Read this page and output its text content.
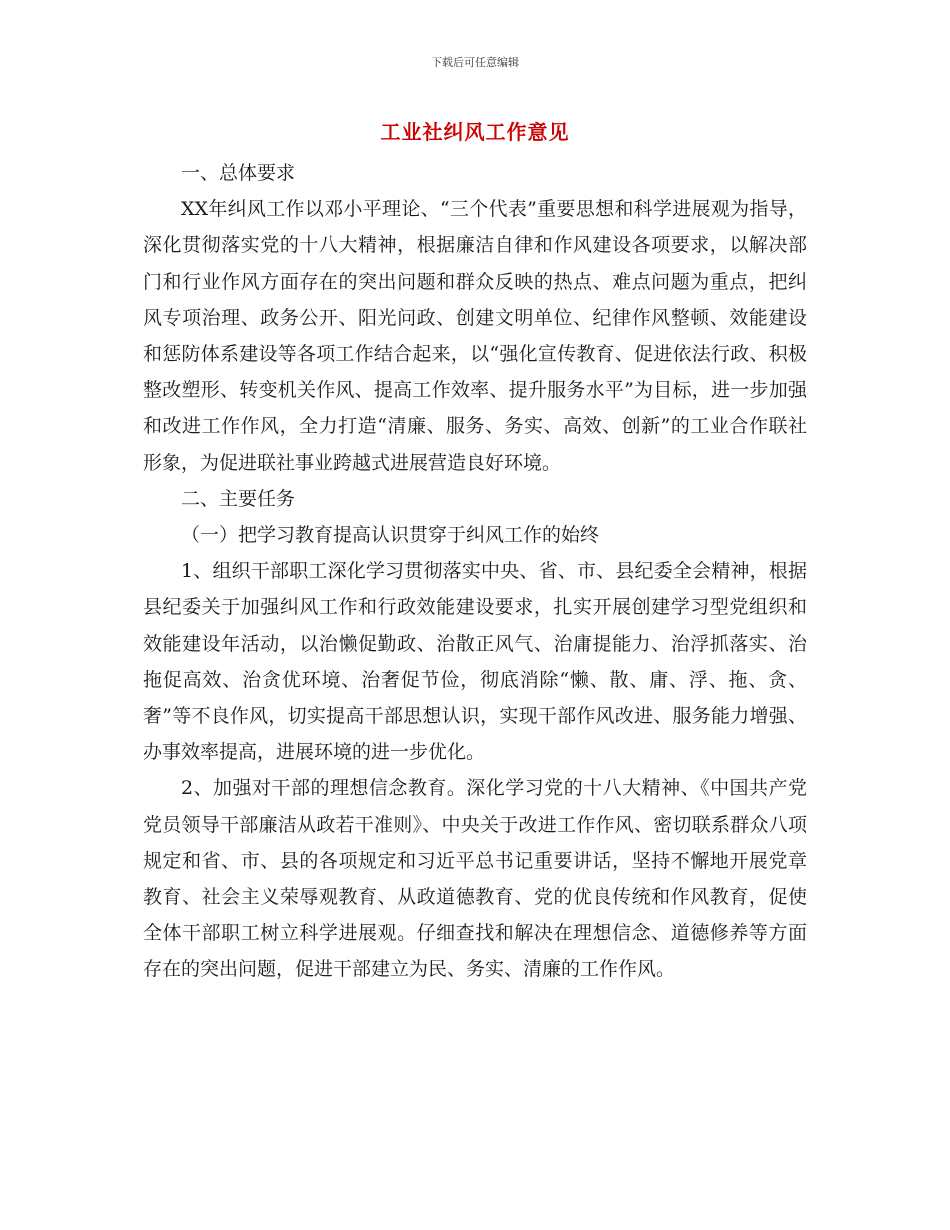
下载后可任意编辑
工业社纠风工作意见

一、总体要求

XX年纠风工作以邓小平理论、“三个代表”重要思想和科学进展观为指导，深化贯彻落实党的十八大精神，根据廉洁自律和作风建设各项要求，以解决部门和行业作风方面存在的突出问题和群众反映的热点、难点问题为重点，把纠风专项治理、政务公开、阳光问政、创建文明单位、纪律作风整顿、效能建设和惩防体系建设等各项工作结合起来，以“强化宣传教育、促进依法行政、积极整改塑形、转变机关作风、提高工作效率、提升服务水平”为目标，进一步加强和改进工作作风，全力打造“清廉、服务、务实、高效、创新”的工业合作联社形象，为促进联社事业跨越式进展营造良好环境。

二、主要任务

（一）把学习教育提高认识贯穿于纠风工作的始终

1、组织干部职工深化学习贯彻落实中央、省、市、县纪委全会精神，根据县纪委关于加强纠风工作和行政效能建设要求，扎实开展创建学习型党组织和效能建设年活动，以治懒促勤政、治散正风气、治庸提能力、治浮抓落实、治拖促高效、治贪优环境、治奢促节俭，彻底消除“懒、散、庸、浮、拖、贪、奢”等不良作风，切实提高干部思想认识，实现干部作风改进、服务能力增强、办事效率提高，进展环境的进一步优化。

2、加强对干部的理想信念教育。深化学习党的十八大精神、《中国共产党党员领导干部廉洁从政若干准则》、中央关于改进工作作风、密切联系群众八项规定和省、市、县的各项规定和习近平总书记重要讲话，坚持不懈地开展党章教育、社会主义荣辱观教育、从政道德教育、党的优良传统和作风教育，促使全体干部职工树立科学进展观。仔细查找和解决在理想信念、道德修养等方面存在的突出问题，促进干部建立为民、务实、清廉的工作作风。
